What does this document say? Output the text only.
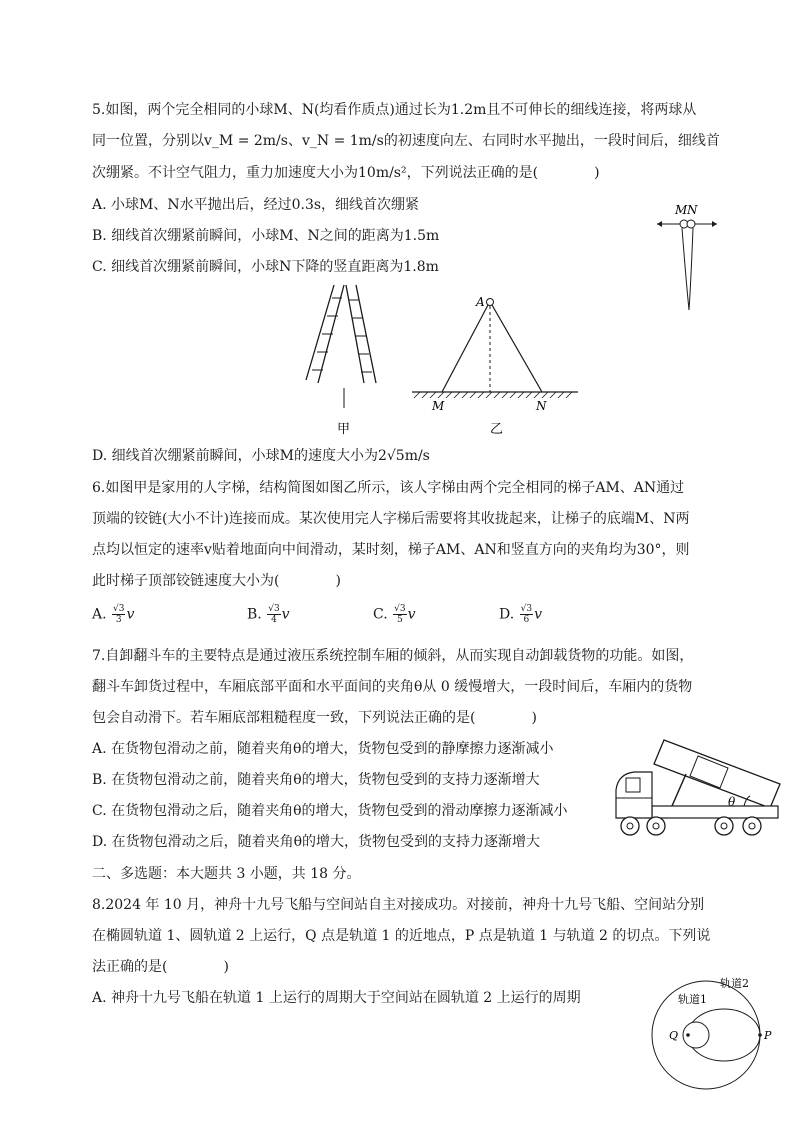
5.如图，两个完全相同的小球M、N(均看作质点)通过长为1.2m且不可伸长的细线连接，将两球从
同一位置，分别以v_M = 2m/s、v_N = 1m/s的初速度向左、右同时水平抛出，一段时间后，细线首
次绷紧。不计空气阻力，重力加速度大小为10m/s²，下列说法正确的是(　　　　)
A. 小球M、N水平抛出后，经过0.3s，细线首次绷紧
B. 细线首次绷紧前瞬间，小球M、N之间的距离为1.5m
C. 细线首次绷紧前瞬间，小球N下降的竖直距离为1.8m
M N
甲
A
M	N
乙
D. 细线首次绷紧前瞬间，小球M的速度大小为2√5m/s
6.如图甲是家用的人字梯，结构简图如图乙所示，该人字梯由两个完全相同的梯子AM、AN通过
顶端的铰链(大小不计)连接而成。某次使用完人字梯后需要将其收拢起来，让梯子的底端M、N两
点均以恒定的速率v贴着地面向中间滑动，某时刻，梯子AM、AN和竖直方向的夹角均为30°，则
此时梯子顶部铰链速度大小为(　　　　)
A. $\frac{√3}{3}$ v	B. $\frac{√3}{4}$ v	C. $\frac{√3}{5}$ v	D. $\frac{√3}{6}$ v
7.自卸翻斗车的主要特点是通过液压系统控制车厢的倾斜，从而实现自动卸载货物的功能。如图，
翻斗车卸货过程中，车厢底部平面和水平面间的夹角θ从 0 缓慢增大，一段时间后，车厢内的货物
包会自动滑下。若车厢底部粗糙程度一致，下列说法正确的是(　　　　)
A. 在货物包滑动之前，随着夹角θ的增大，货物包受到的静摩擦力逐渐减小
B. 在货物包滑动之前，随着夹角θ的增大，货物包受到的支持力逐渐增大
C. 在货物包滑动之后，随着夹角θ的增大，货物包受到的滑动摩擦力逐渐减小
D. 在货物包滑动之后，随着夹角θ的增大，货物包受到的支持力逐渐增大
θ
二、多选题：本大题共 3 小题，共 18 分。
8.2024 年 10 月，神舟十九号飞船与空间站自主对接成功。对接前，神舟十九号飞船、空间站分别
在椭圆轨道 1、圆轨道 2 上运行，Q 点是轨道 1 的近地点，P 点是轨道 1 与轨道 2 的切点。下列说
法正确的是(　　　　)
A. 神舟十九号飞船在轨道 1 上运行的周期大于空间站在圆轨道 2 上运行的周期
轨道2
轨道1
Q	P
